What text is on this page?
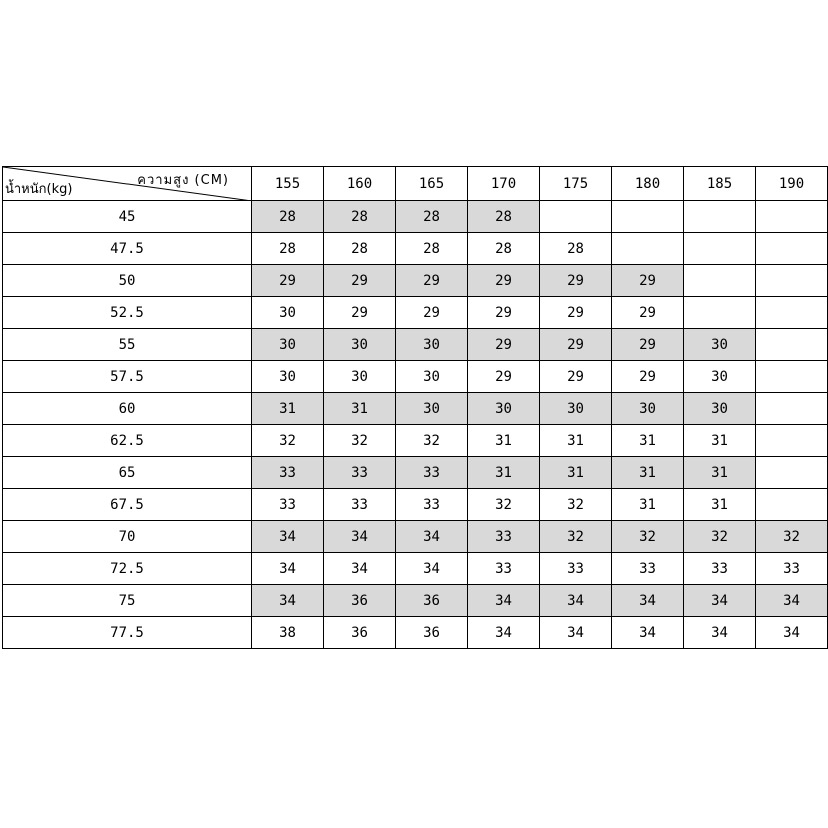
ความสูง (CM)
น้ำหนัก(kg)	155	160	165	170	175	180	185	190
45	28	28	28	28				
47.5	28	28	28	28	28			
50	29	29	29	29	29	29		
52.5	30	29	29	29	29	29		
55	30	30	30	29	29	29	30	
57.5	30	30	30	29	29	29	30	
60	31	31	30	30	30	30	30	
62.5	32	32	32	31	31	31	31	
65	33	33	33	31	31	31	31	
67.5	33	33	33	32	32	31	31	
70	34	34	34	33	32	32	32	32
72.5	34	34	34	33	33	33	33	33
75	34	36	36	34	34	34	34	34
77.5	38	36	36	34	34	34	34	34
